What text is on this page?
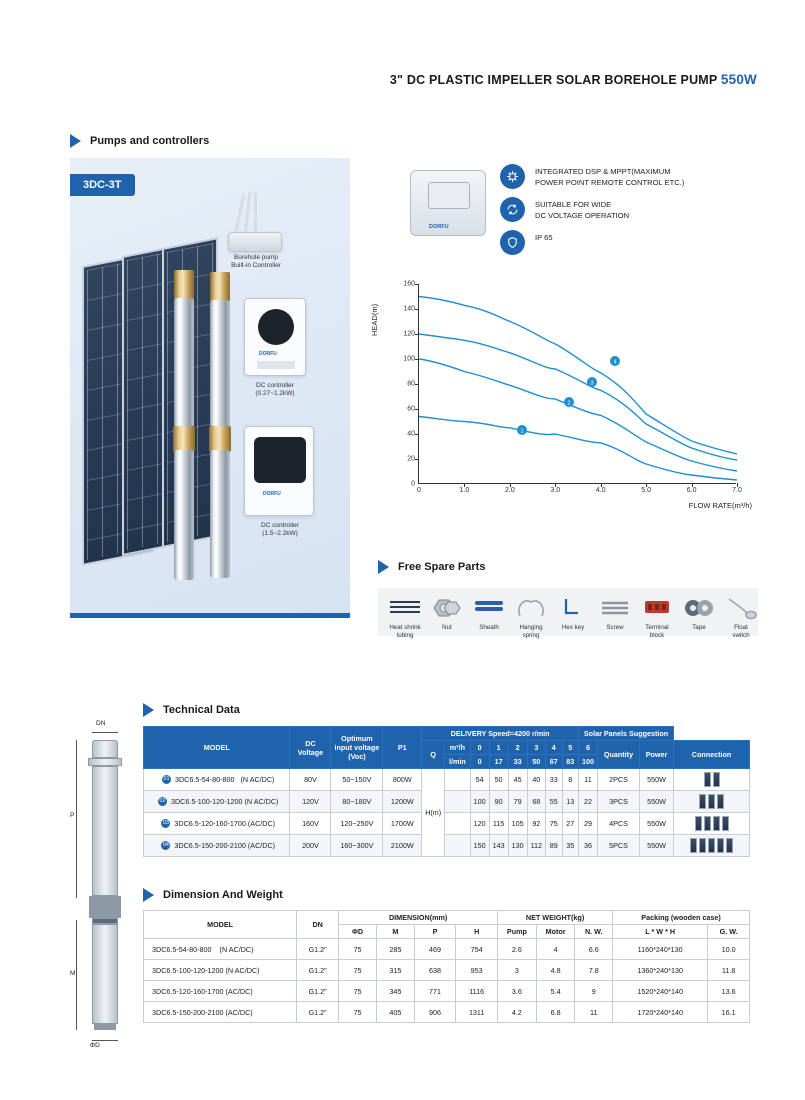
3" DC PLASTIC IMPELLER SOLAR BOREHOLE PUMP 550W
Pumps and controllers
3DC-3T
Borehole pump
Built-in Controller
DORFU
DC controller
(0.27~1.2kW)
DORFU
DC controller
(1.5~2.2kW)
DORFU
INTEGRATED DSP & MPPT(MAXIMUM
POWER POINT REMOTE CONTROL ETC.)
SUITABLE FOR WIDE
DC VOLTAGE OPERATION
IP 65
HEAD(m)
0
20
40
60
80
100
120
140
160
0	1.0	2.0	3.0	4.0	5.0	6.0	7.0
1
2
3
4
FLOW RATE(m³/h)
Free Spare Parts
Heat shrink
tubing
Nut	Sheath	Hanging
spring
Hex key	Screw	Terminal
block
Tape	Float
switch
Technical Data
MODEL	DC Voltage	Optimum input voltage (Voc)	P1	DELIVERY Speed=4200 r/min								Solar Panels Suggestion			
				Q	m³/h	0	1	2	3	4	5	6	Quantity	Power	Connection
					l/min	0	17	33	50	67	83	100			
01 3DC6.5-54-80-800 (N AC/DC)	80V	50~150V	800W	H(m)		54	50	45	40	33	8	11	2PCS	550W	
02 3DC6.5-100-120-1200 (N AC/DC)	120V	80~180V	1200W			100	90	79	68	55	13	22	3PCS	550W	
03 3DC6.5-120-160-1700 (AC/DC)	160V	120~250V	1700W			120	115	105	92	75	27	29	4PCS	550W	
04 3DC6.5-150-200-2100 (AC/DC)	200V	160~300V	2100W			150	143	130	112	89	35	36	5PCS	550W	
Dimension And Weight
MODEL	DN	DIMENSION(mm)				NET WEIGHT(kg)			Packing (wooden case)	
		ΦD	M	P	H	Pump	Motor	N. W.	L * W * H	G. W.
3DC6.5-54-80-800 (N AC/DC)	G1.2"	75	285	469	754	2.6	4	6.6	1160*240*130	10.0
3DC6.5-100-120-1200 (N AC/DC)	G1.2"	75	315	638	953	3	4.8	7.8	1360*240*130	11.8
3DC6.5-120-160-1700 (AC/DC)	G1.2"	75	345	771	1116	3.6	5.4	9	1520*240*140	13.6
3DC6.5-150-200-2100 (AC/DC)	G1.2"	75	405	906	1311	4.2	6.8	11	1720*240*140	16.1
DN
P
M
ΦD
